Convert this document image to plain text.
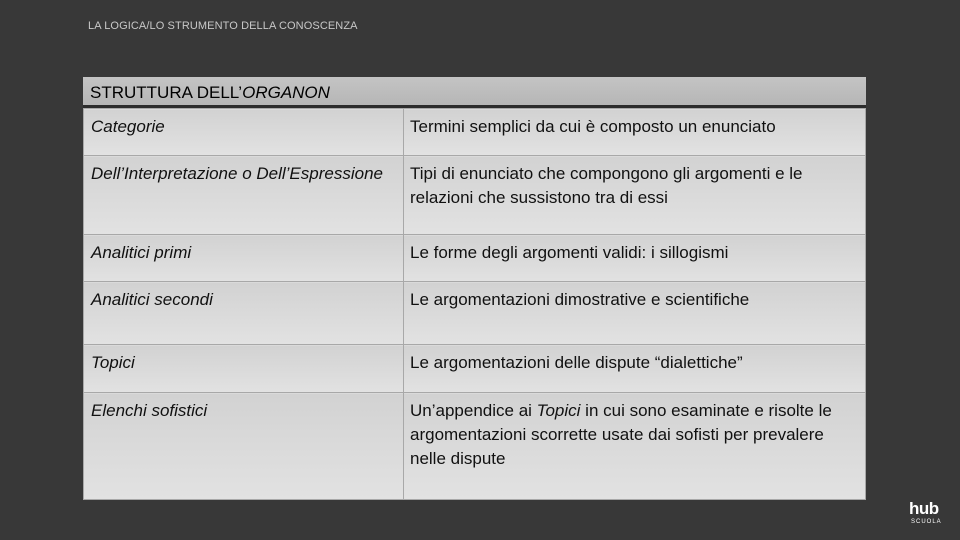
LA LOGICA/LO STRUMENTO DELLA CONOSCENZA
STRUTTURA DELL’ORGANON
Categorie	Termini semplici da cui è composto un enunciato
Dell’Interpretazione o Dell’Espressione	Tipi di enunciato che compongono gli argomenti e le relazioni che sussistono tra di essi
Analitici primi	Le forme degli argomenti validi: i sillogismi
Analitici secondi	Le argomentazioni dimostrative e scientifiche
Topici	Le argomentazioni delle dispute “dialettiche”
Elenchi sofistici	Un’appendice ai Topici in cui sono esaminate e risolte le argomentazioni scorrette usate dai sofisti per prevalere nelle dispute
hub
SCUOLA
